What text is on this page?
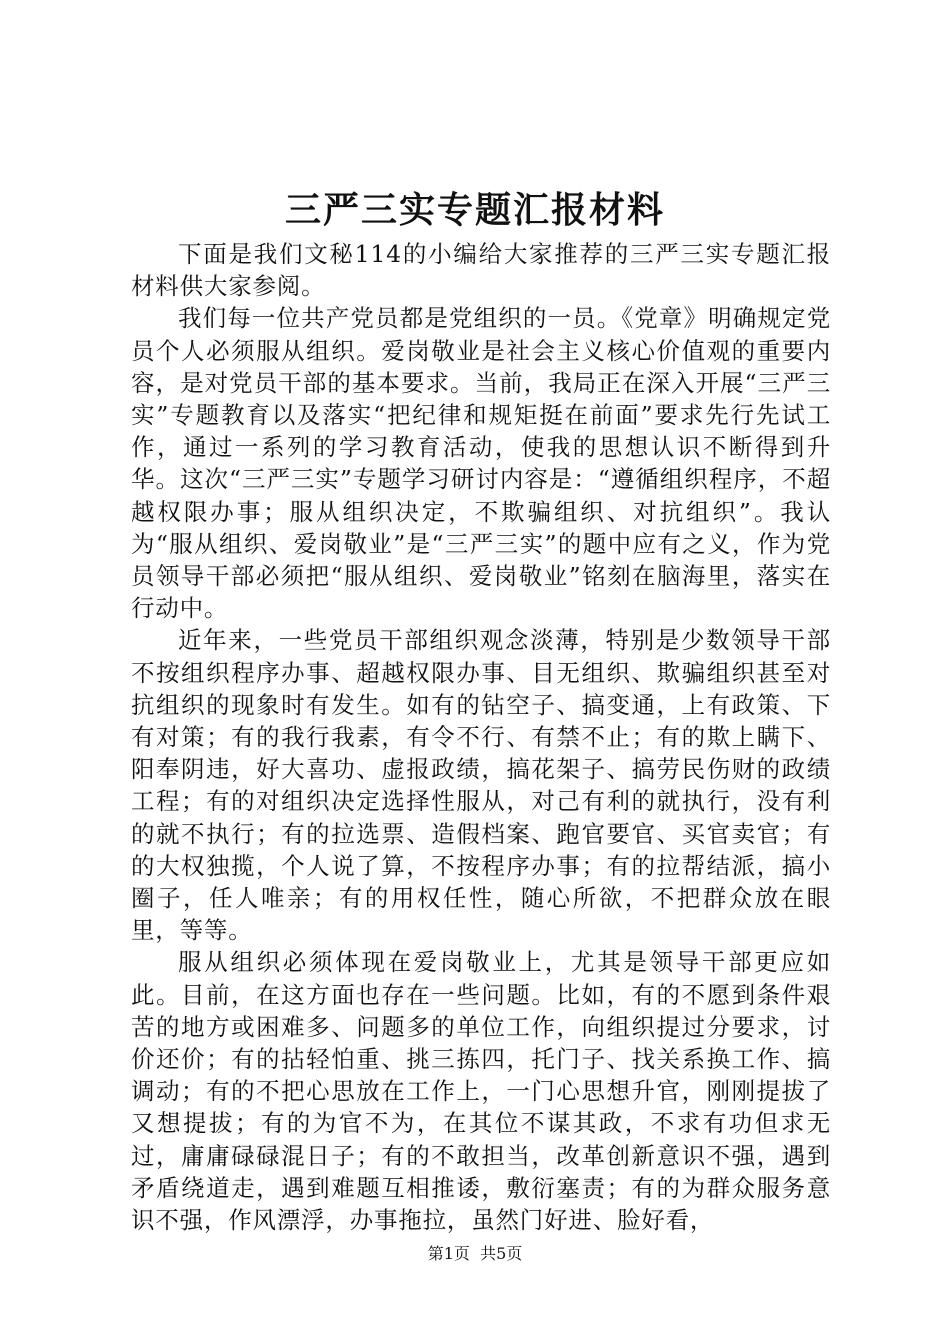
三严三实专题汇报材料

下面是我们文秘114的小编给大家推荐的三严三实专题汇报材料供大家参阅。

我们每一位共产党员都是党组织的一员。《党章》明确规定党员个人必须服从组织。爱岗敬业是社会主义核心价值观的重要内容，是对党员干部的基本要求。当前，我局正在深入开展“三严三实”专题教育以及落实“把纪律和规矩挺在前面”要求先行先试工作，通过一系列的学习教育活动，使我的思想认识不断得到升华。这次“三严三实”专题学习研讨内容是：“遵循组织程序，不超越权限办事；服从组织决定，不欺骗组织、对抗组织”。我认为“服从组织、爱岗敬业”是“三严三实”的题中应有之义，作为党员领导干部必须把“服从组织、爱岗敬业”铭刻在脑海里，落实在行动中。

近年来，一些党员干部组织观念淡薄，特别是少数领导干部不按组织程序办事、超越权限办事、目无组织、欺骗组织甚至对抗组织的现象时有发生。如有的钻空子、搞变通，上有政策、下有对策；有的我行我素，有令不行、有禁不止；有的欺上瞒下、阳奉阴违，好大喜功、虚报政绩，搞花架子、搞劳民伤财的政绩工程；有的对组织决定选择性服从，对己有利的就执行，没有利的就不执行；有的拉选票、造假档案、跑官要官、买官卖官；有的大权独揽，个人说了算，不按程序办事；有的拉帮结派，搞小圈子，任人唯亲；有的用权任性，随心所欲，不把群众放在眼里，等等。

服从组织必须体现在爱岗敬业上，尤其是领导干部更应如此。目前，在这方面也存在一些问题。比如，有的不愿到条件艰苦的地方或困难多、问题多的单位工作，向组织提过分要求，讨价还价；有的拈轻怕重、挑三拣四，托门子、找关系换工作、搞调动；有的不把心思放在工作上，一门心思想升官，刚刚提拔了又想提拔；有的为官不为，在其位不谋其政，不求有功但求无过，庸庸碌碌混日子；有的不敢担当，改革创新意识不强，遇到矛盾绕道走，遇到难题互相推诿，敷衍塞责；有的为群众服务意识不强，作风漂浮，办事拖拉，虽然门好进、脸好看，

第1页 共5页
